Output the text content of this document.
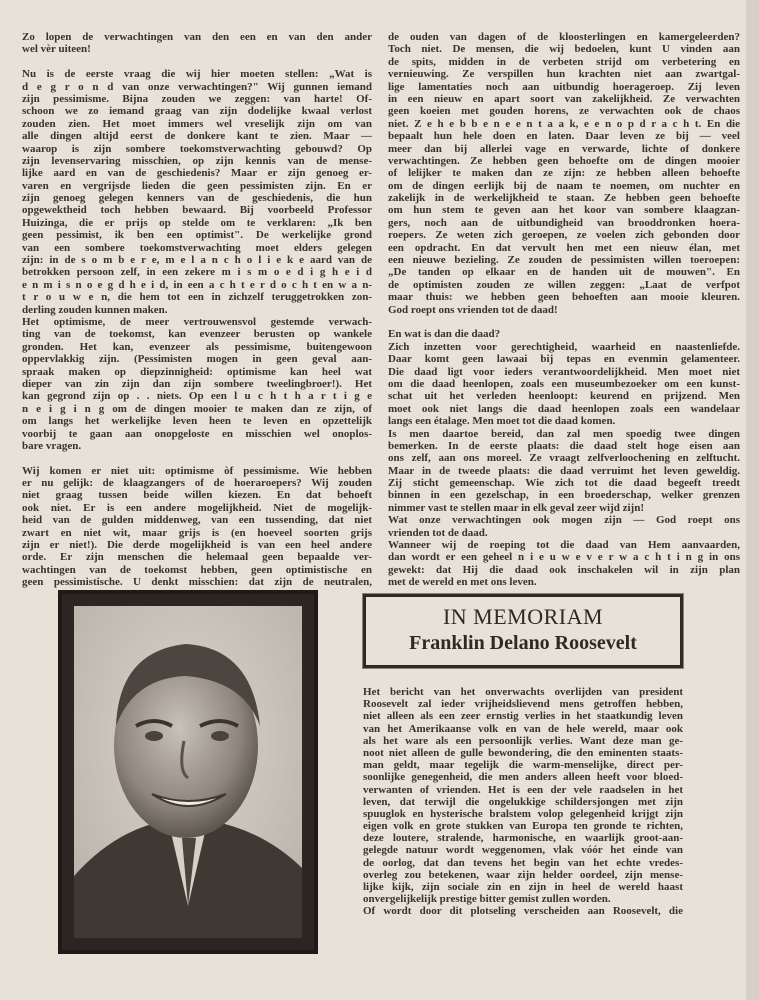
Zo lopen de verwachtingen van den een en van den ander
wel vèr uiteen!
Nu is de eerste vraag die wij hier moeten stellen: „Wat is
d e g r o n d van onze verwachtingen?" Wij gunnen iemand
zijn pessimisme. Bijna zouden we zeggen: van harte! Of-
schoon we zo iemand graag van zijn dodelijke kwaal verlost
zouden zien. Het moet immers wel vreselijk zijn om van
alle dingen altijd eerst de donkere kant te zien. Maar —
waarop is zijn sombere toekomstverwachting gebouwd? Op
zijn levenservaring misschien, op zijn kennis van de mense-
lijke aard en van de geschiedenis? Maar er zijn genoeg er-
varen en vergrijsde lieden die geen pessimisten zijn. En er
zijn genoeg gelegen kenners van de geschiedenis, die hun
opgewektheid toch hebben bewaard. Bij voorbeeld Professor
Huizinga, die er prijs op stelde om te verklaren: „Ik ben
geen pessimist, ik ben een optimist". De werkelijke grond
van een sombere toekomstverwachting moet elders gelegen
zijn: in de s o m b e r e, m e l a n c h o l i e k e aard van de
betrokken persoon zelf, in een zekere m i s m o e d i g h e i d
e n m i s n o e g d h e i d, in een a c h t e r d o c h t en w a n-
t r o u w e n, die hem tot een in zichzelf teruggetrokken zon-
derling zouden kunnen maken.
Het optimisme, de meer vertrouwensvol gestemde verwach-
ting van de toekomst, kan evenzeer berusten op wankele
gronden. Het kan, evenzeer als pessimisme, buitengewoon
oppervlakkig zijn. (Pessimisten mogen in geen geval aan-
spraak maken op diepzinnigheid: optimisme kan heel wat
dieper van zin zijn dan zijn sombere tweelingbroer!). Het
kan gegrond zijn op . . niets. Op een l u c h t h a r t i g e
n e i g i n g om de dingen mooier te maken dan ze zijn, of
om langs het werkelijke leven heen te leven en opzettelijk
voorbij te gaan aan onopgeloste en misschien wel onoplos-
bare vragen.
Wij komen er niet uit: optimisme òf pessimisme. Wie hebben
er nu gelijk: de klaagzangers of de hoeraroepers? Wij zouden
niet graag tussen beide willen kiezen. En dat behoeft
ook niet. Er is een andere mogelijkheid. Niet de mogelijk-
heid van de gulden middenweg, van een tussending, dat niet
zwart en niet wit, maar grijs is (en hoeveel soorten grijs
zijn er niet!). Die derde mogelijkheid is van een heel andere
orde. Er zijn menschen die helemaal geen bepaalde ver-
wachtingen van de toekomst hebben, geen optimistische en
geen pessimistische. U denkt misschien: dat zijn de neutralen,
de ouden van dagen of de kloosterlingen en kamergeleerden?
Toch niet. De mensen, die wij bedoelen, kunt U vinden aan
de spits, midden in de verbeten strijd om verbetering en
vernieuwing. Ze verspillen hun krachten niet aan zwartgal-
lige lamentaties noch aan uitbundig hoerageroep. Zij leven
in een nieuw en apart soort van zakelijkheid. Ze verwachten
geen koeien met gouden horens, ze verwachten ook de chaos
niet. Z e h e b b e n e e n t a a k, e e n o p d r a c h t. En die
bepaalt hun hele doen en laten. Daar leven ze bij — veel
meer dan bij allerlei vage en verwarde, lichte of donkere
verwachtingen. Ze hebben geen behoefte om de dingen mooier
of lelijker te maken dan ze zijn: ze hebben alleen behoefte
om de dingen eerlijk bij de naam te noemen, om nuchter en
zakelijk in de werkelijkheid te staan. Ze hebben geen behoefte
om hun stem te geven aan het koor van sombere klaagzan-
gers, noch aan de uitbundigheid van brooddronken hoera-
roepers. Ze weten zich geroepen, ze voelen zich gebonden door
een opdracht. En dat vervult hen met een nieuw élan, met
een nieuwe bezieling. Ze zouden de pessimisten willen toeroepen:
„De tanden op elkaar en de handen uit de mouwen". En
de optimisten zouden ze willen zeggen: „Laat de verfpot
maar thuis: we hebben geen behoeften aan mooie kleuren.
God roept ons vrienden tot de daad!
En wat is dan die daad?
Zich inzetten voor gerechtigheid, waarheid en naastenliefde.
Daar komt geen lawaai bij tepas en evenmin gelamenteer.
Die daad ligt voor ieders verantwoordelijkheid. Men moet niet
om die daad heenlopen, zoals een museumbezoeker om een kunst-
schat uit het verleden heenloopt: keurend en prijzend. Men
moet ook niet langs die daad heenlopen zoals een wandelaar
langs een étalage. Men moet tot die daad komen.
Is men daartoe bereid, dan zal men spoedig twee dingen
bemerken. In de eerste plaats: die daad stelt hoge eisen aan
ons zelf, aan ons moreel. Ze vraagt zelfverloochening en zelftucht.
Maar in de tweede plaats: die daad verruimt het leven geweldig.
Zij sticht gemeenschap. Wie zich tot die daad begeeft treedt
binnen in een gezelschap, in een broederschap, welker grenzen
nimmer vast te stellen maar in elk geval zeer wijd zijn!
Wat onze verwachtingen ook mogen zijn — God roept ons
vrienden tot de daad.
Wanneer wij de roeping tot die daad van Hem aanvaarden,
dan wordt er een geheel n i e u w e v e r w a c h t i n g in ons
gewekt: dat Hij die daad ook inschakelen wil in zijn plan
met de wereld en met ons leven.
IN MEMORIAM
Franklin Delano Roosevelt
Het bericht van het onverwachts overlijden van president
Roosevelt zal ieder vrijheidslievend mens getroffen hebben,
niet alleen als een zeer ernstig verlies in het staatkundig leven
van het Amerikaanse volk en van de hele wereld, maar ook
als het ware als een persoonlijk verlies. Want deze man ge-
noot niet alleen de gulle bewondering, die den eminenten staats-
man geldt, maar tegelijk die warm-menselijke, direct per-
soonlijke genegenheid, die men anders alleen heeft voor bloed-
verwanten of vrienden. Het is een der vele raadselen in het
leven, dat terwijl die ongelukkige schildersjongen met zijn
spuuglok en hysterische bralstem volop gelegenheid krijgt zijn
eigen volk en grote stukken van Europa ten gronde te richten,
deze loutere, stralende, harmonische, en waarlijk groot-aan-
gelegde natuur wordt weggenomen, vlak vóór het einde van
de oorlog, dat dan tevens het begin van het echte vredes-
overleg zou betekenen, waar zijn helder oordeel, zijn mense-
lijke kijk, zijn sociale zin en zijn in heel de wereld haast
onvergelijkelijk prestige bitter gemist zullen worden.
Of wordt door dit plotseling verscheiden aan Roosevelt, die
